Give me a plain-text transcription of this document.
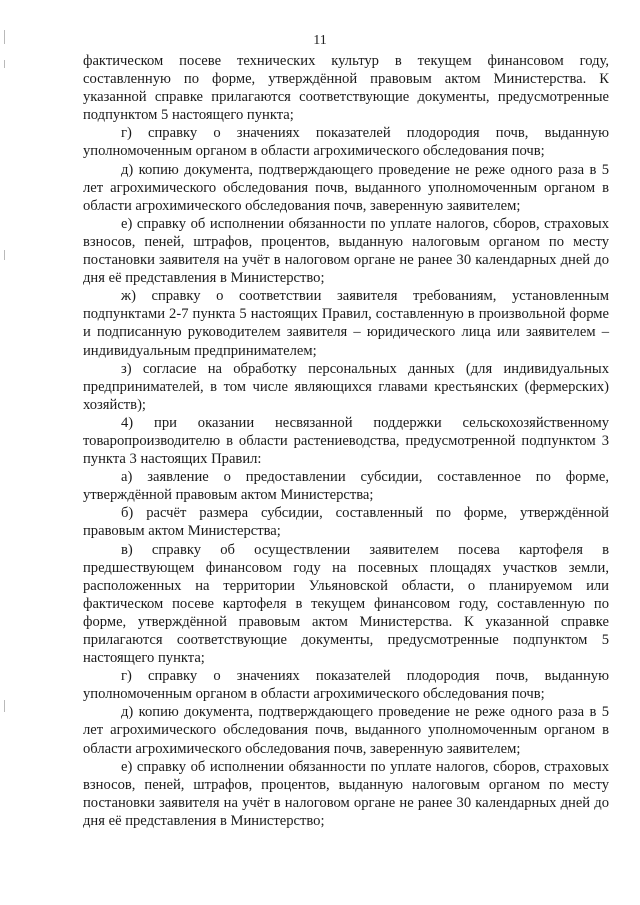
11

фактическом посеве технических культур в текущем финансовом году, составленную по форме, утверждённой правовым актом Министерства. К указанной справке прилагаются соответствующие документы, предусмотренные подпунктом 5 настоящего пункта;

г) справку о значениях показателей плодородия почв, выданную уполномоченным органом в области агрохимического обследования почв;

д) копию документа, подтверждающего проведение не реже одного раза в 5 лет агрохимического обследования почв, выданного уполномоченным органом в области агрохимического обследования почв, заверенную заявителем;

е) справку об исполнении обязанности по уплате налогов, сборов, страховых взносов, пеней, штрафов, процентов, выданную налоговым органом по месту постановки заявителя на учёт в налоговом органе не ранее 30 календарных дней до дня её представления в Министерство;

ж) справку о соответствии заявителя требованиям, установленным подпунктами 2-7 пункта 5 настоящих Правил, составленную в произвольной форме и подписанную руководителем заявителя – юридического лица или заявителем – индивидуальным предпринимателем;

з) согласие на обработку персональных данных (для индивидуальных предпринимателей, в том числе являющихся главами крестьянских (фермерских) хозяйств);

4) при оказании несвязанной поддержки сельскохозяйственному товаропроизводителю в области растениеводства, предусмотренной подпунктом 3 пункта 3 настоящих Правил:

а) заявление о предоставлении субсидии, составленное по форме, утверждённой правовым актом Министерства;

б) расчёт размера субсидии, составленный по форме, утверждённой правовым актом Министерства;

в) справку об осуществлении заявителем посева картофеля в предшествующем финансовом году на посевных площадях участков земли, расположенных на территории Ульяновской области, о планируемом или фактическом посеве картофеля в текущем финансовом году, составленную по форме, утверждённой правовым актом Министерства. К указанной справке прилагаются соответствующие документы, предусмотренные подпунктом 5 настоящего пункта;

г) справку о значениях показателей плодородия почв, выданную уполномоченным органом в области агрохимического обследования почв;

д) копию документа, подтверждающего проведение не реже одного раза в 5 лет агрохимического обследования почв, выданного уполномоченным органом в области агрохимического обследования почв, заверенную заявителем;

е) справку об исполнении обязанности по уплате налогов, сборов, страховых взносов, пеней, штрафов, процентов, выданную налоговым органом по месту постановки заявителя на учёт в налоговом органе не ранее 30 календарных дней до дня её представления в Министерство;
